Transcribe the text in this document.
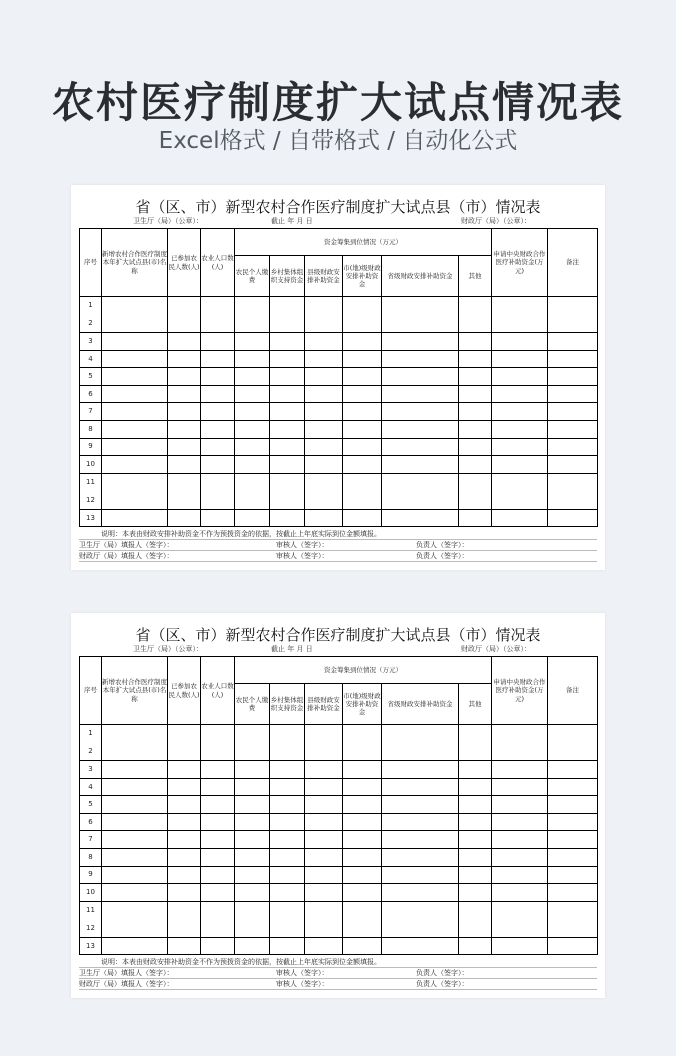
农村医疗制度扩大试点情况表
Excel格式 / 自带格式 / 自动化公式
省（区、市）新型农村合作医疗制度扩大试点县（市）情况表
卫生厅（局）（公章）：	截止 年 月 日	财政厅（局）（公章）：
序号	新增农村合作医疗制度本年扩大试点县(市)名称	已参加农民人数(人)	农业人口数(人)	资金筹集到位情况（万元）						申请中央财政合作医疗补助资金(万元)	备注	
				农民个人缴费	乡村集体组织支持资金	县级财政安排补助资金	市(地)级财政安排补助资金	省级财政安排补助资金	其他	

1
2												

3												
4												
5												
6												
7												
8												
9												
10												

11
12												

13												
说明：本表由财政安排补助资金不作为预拨资金的依据，按截止上年底实际到位金额填报。
卫生厅（局）填报人（签字）：	审核人（签字）：	负责人（签字）：
财政厅（局）填报人（签字）：	审核人（签字）：	负责人（签字）：
省（区、市）新型农村合作医疗制度扩大试点县（市）情况表
卫生厅（局）（公章）：	截止 年 月 日	财政厅（局）（公章）：
序号	新增农村合作医疗制度本年扩大试点县(市)名称	已参加农民人数(人)	农业人口数(人)	资金筹集到位情况（万元）						申请中央财政合作医疗补助资金(万元)	备注	
				农民个人缴费	乡村集体组织支持资金	县级财政安排补助资金	市(地)级财政安排补助资金	省级财政安排补助资金	其他	

1
2												

3												
4												
5												
6												
7												
8												
9												
10												

11
12												

13												
说明：本表由财政安排补助资金不作为预拨资金的依据，按截止上年底实际到位金额填报。
卫生厅（局）填报人（签字）：	审核人（签字）：	负责人（签字）：
财政厅（局）填报人（签字）：	审核人（签字）：	负责人（签字）：
